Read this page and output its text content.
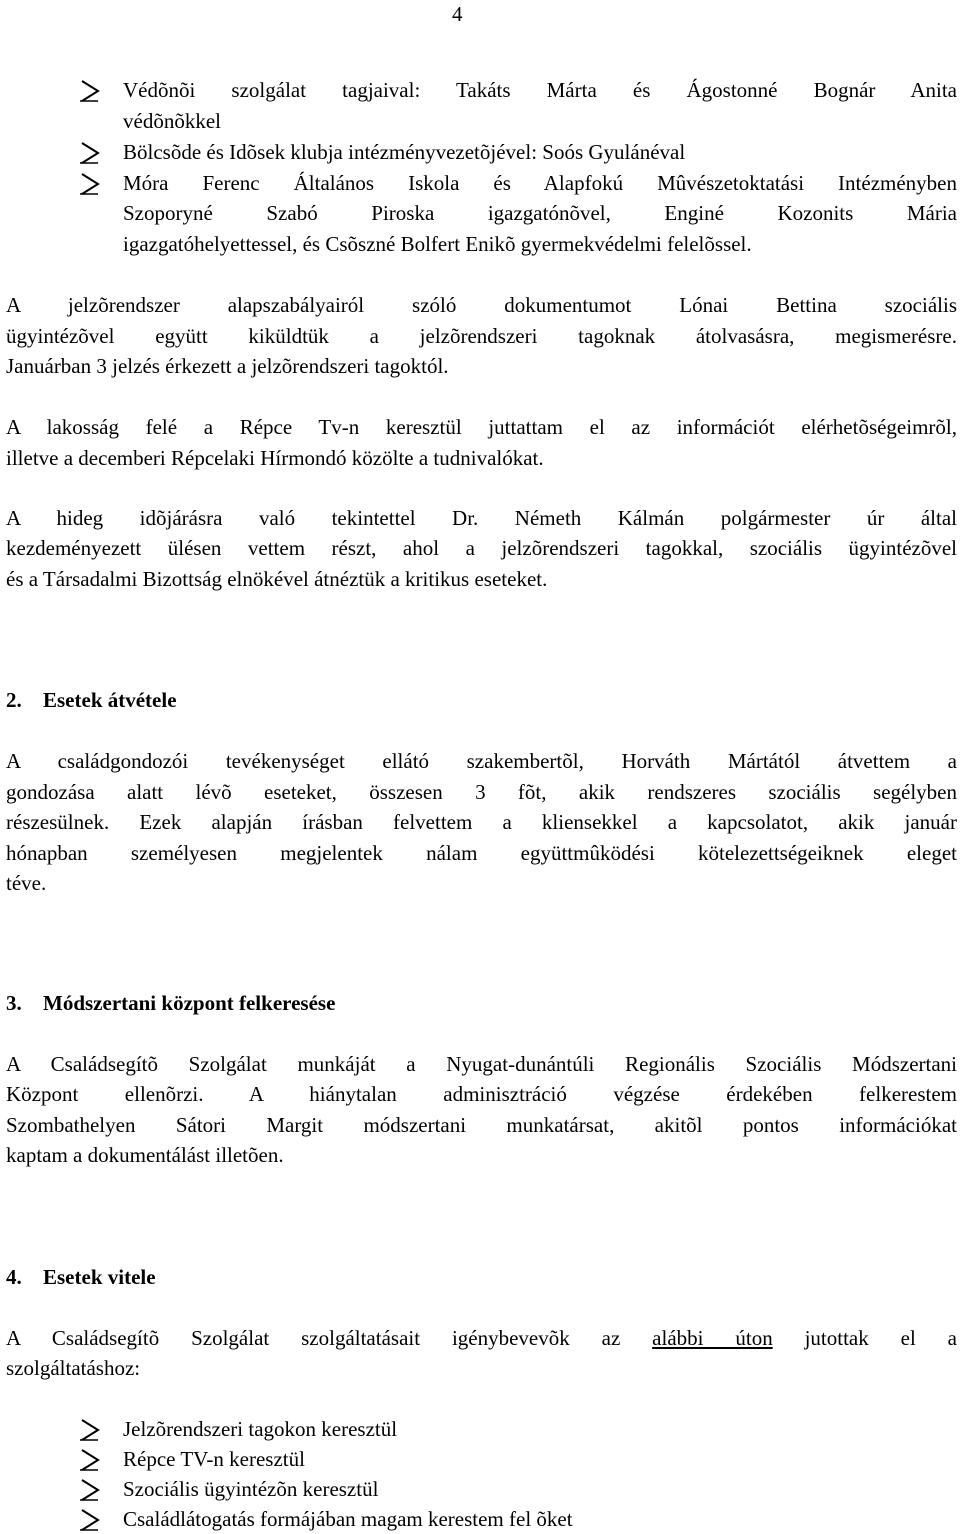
4
Védõnõi szolgálat tagjaival: Takáts Márta és Ágostonné Bognár Anita
védõnõkkel
Bölcsõde és Idõsek klubja intézményvezetõjével: Soós Gyulánéval
Móra Ferenc Általános Iskola és Alapfokú Mûvészetoktatási Intézményben
Szoporyné Szabó Piroska igazgatónõvel, Enginé Kozonits Mária
igazgatóhelyettessel, és Csõszné Bolfert Enikõ gyermekvédelmi felelõssel.
A jelzõrendszer alapszabályairól szóló dokumentumot Lónai Bettina szociális
ügyintézõvel együtt kiküldtük a jelzõrendszeri tagoknak átolvasásra, megismerésre.
Januárban 3 jelzés érkezett a jelzõrendszeri tagoktól.
A lakosság felé a Répce Tv-n keresztül juttattam el az információt elérhetõségeimrõl,
illetve a decemberi Répcelaki Hírmondó közölte a tudnivalókat.
A hideg idõjárásra való tekintettel Dr. Németh Kálmán polgármester úr által
kezdeményezett ülésen vettem részt, ahol a jelzõrendszeri tagokkal, szociális ügyintézõvel
és a Társadalmi Bizottság elnökével átnéztük a kritikus eseteket.
2. Esetek átvétele
A családgondozói tevékenységet ellátó szakembertõl, Horváth Mártától átvettem a
gondozása alatt lévõ eseteket, összesen 3 fõt, akik rendszeres szociális segélyben
részesülnek. Ezek alapján írásban felvettem a kliensekkel a kapcsolatot, akik január
hónapban személyesen megjelentek nálam együttmûködési kötelezettségeiknek eleget
téve.
3. Módszertani központ felkeresése
A Családsegítõ Szolgálat munkáját a Nyugat-dunántúli Regionális Szociális Módszertani
Központ ellenõrzi. A hiánytalan adminisztráció végzése érdekében felkerestem
Szombathelyen Sátori Margit módszertani munkatársat, akitõl pontos információkat
kaptam a dokumentálást illetõen.
4. Esetek vitele
A Családsegítõ Szolgálat szolgáltatásait igénybevevõk az alábbi úton jutottak el a
szolgáltatáshoz:
Jelzõrendszeri tagokon keresztül
Répce TV-n keresztül
Szociális ügyintézõn keresztül
Családlátogatás formájában magam kerestem fel õket
